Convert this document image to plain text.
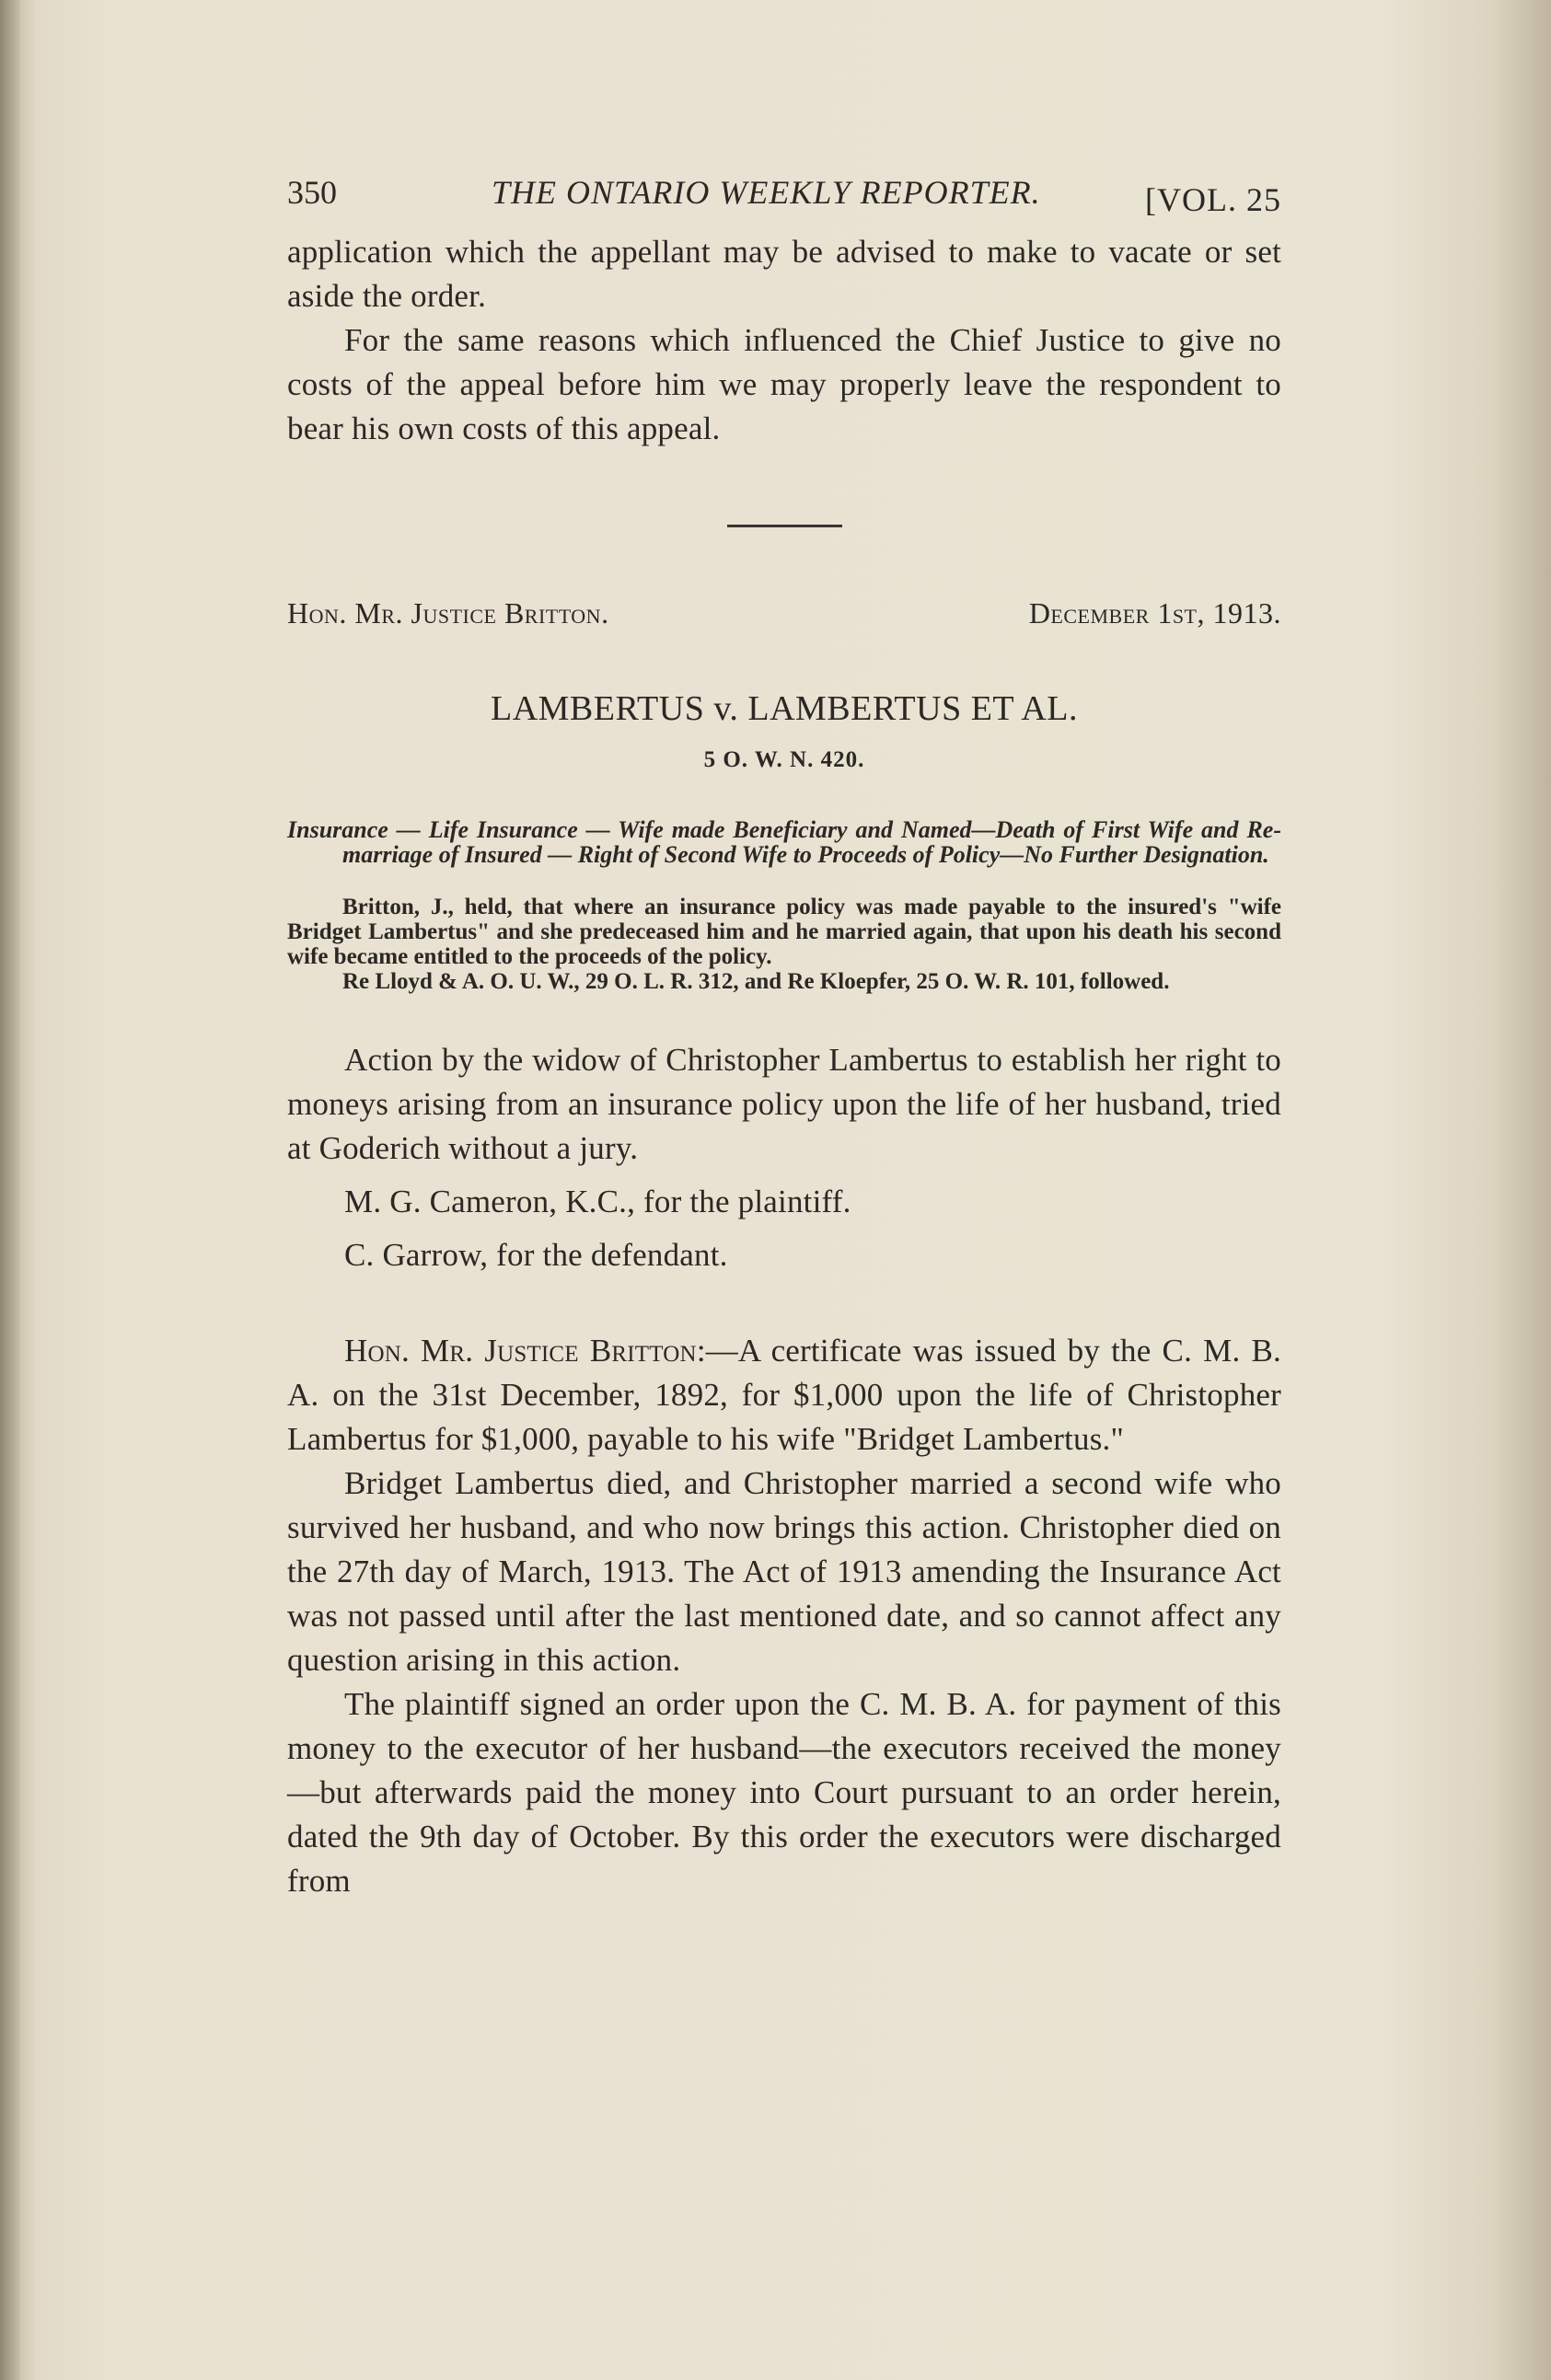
350	THE ONTARIO WEEKLY REPORTER.	[VOL. 25

application which the appellant may be advised to make to vacate or set aside the order.

For the same reasons which influenced the Chief Justice to give no costs of the appeal before him we may properly leave the respondent to bear his own costs of this appeal.

Hon. Mr. Justice Britton.	December 1st, 1913.
LAMBERTUS v. LAMBERTUS ET AL.
5 O. W. N. 420.
Insurance — Life Insurance — Wife made Beneficiary and Named—Death of First Wife and Re-marriage of Insured — Right of Second Wife to Proceeds of Policy—No Further Designation.

Britton, J., held, that where an insurance policy was made payable to the insured's "wife Bridget Lambertus" and she predeceased him and he married again, that upon his death his second wife became entitled to the proceeds of the policy.

Re Lloyd & A. O. U. W., 29 O. L. R. 312, and Re Kloepfer, 25 O. W. R. 101, followed.

Action by the widow of Christopher Lambertus to establish her right to moneys arising from an insurance policy upon the life of her husband, tried at Goderich without a jury.

M. G. Cameron, K.C., for the plaintiff.

C. Garrow, for the defendant.

Hon. Mr. Justice Britton:—A certificate was issued by the C. M. B. A. on the 31st December, 1892, for $1,000 upon the life of Christopher Lambertus for $1,000, payable to his wife "Bridget Lambertus."

Bridget Lambertus died, and Christopher married a second wife who survived her husband, and who now brings this action. Christopher died on the 27th day of March, 1913. The Act of 1913 amending the Insurance Act was not passed until after the last mentioned date, and so cannot affect any question arising in this action.

The plaintiff signed an order upon the C. M. B. A. for payment of this money to the executor of her husband—the executors received the money—but afterwards paid the money into Court pursuant to an order herein, dated the 9th day of October. By this order the executors were discharged from
